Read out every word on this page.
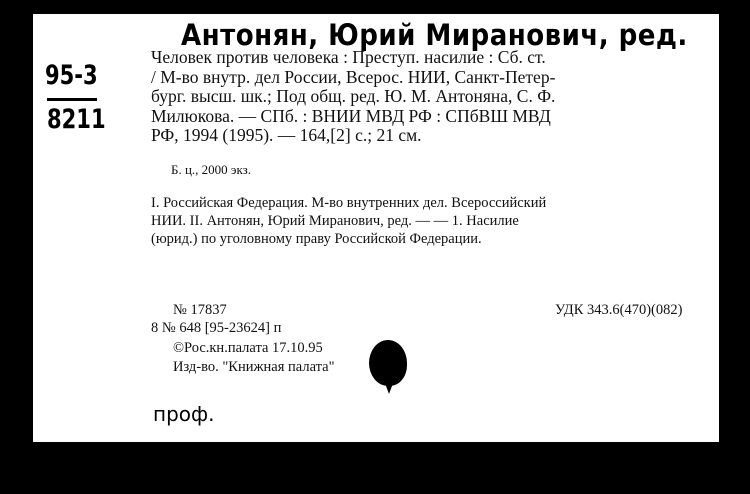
Антонян, Юрий Миранович, ред.
95-3
8211
Человек против человека : Преступ. насилие : Сб. ст.
/ М-во внутр. дел России, Всерос. НИИ, Санкт-Петер-
бург. высш. шк.; Под общ. ред. Ю. М. Антоняна, С. Ф.
Милюкова. — СПб. : ВНИИ МВД РФ : СПбВШ МВД
РФ, 1994 (1995). — 164,[2] с.; 21 см.
Б. ц., 2000 экз.
I. Российская Федерация. М-во внутренних дел. Всероссийский
НИИ. II. Антонян, Юрий Миранович, ред. — — 1. Насилие
(юрид.) по уголовному праву Российской Федерации.
№ 17837	УДК 343.6(470)(082)
8 № 648 [95-23624] п
©Рос.кн.палата 17.10.95
Изд-во. "Книжная палата"
проф.
